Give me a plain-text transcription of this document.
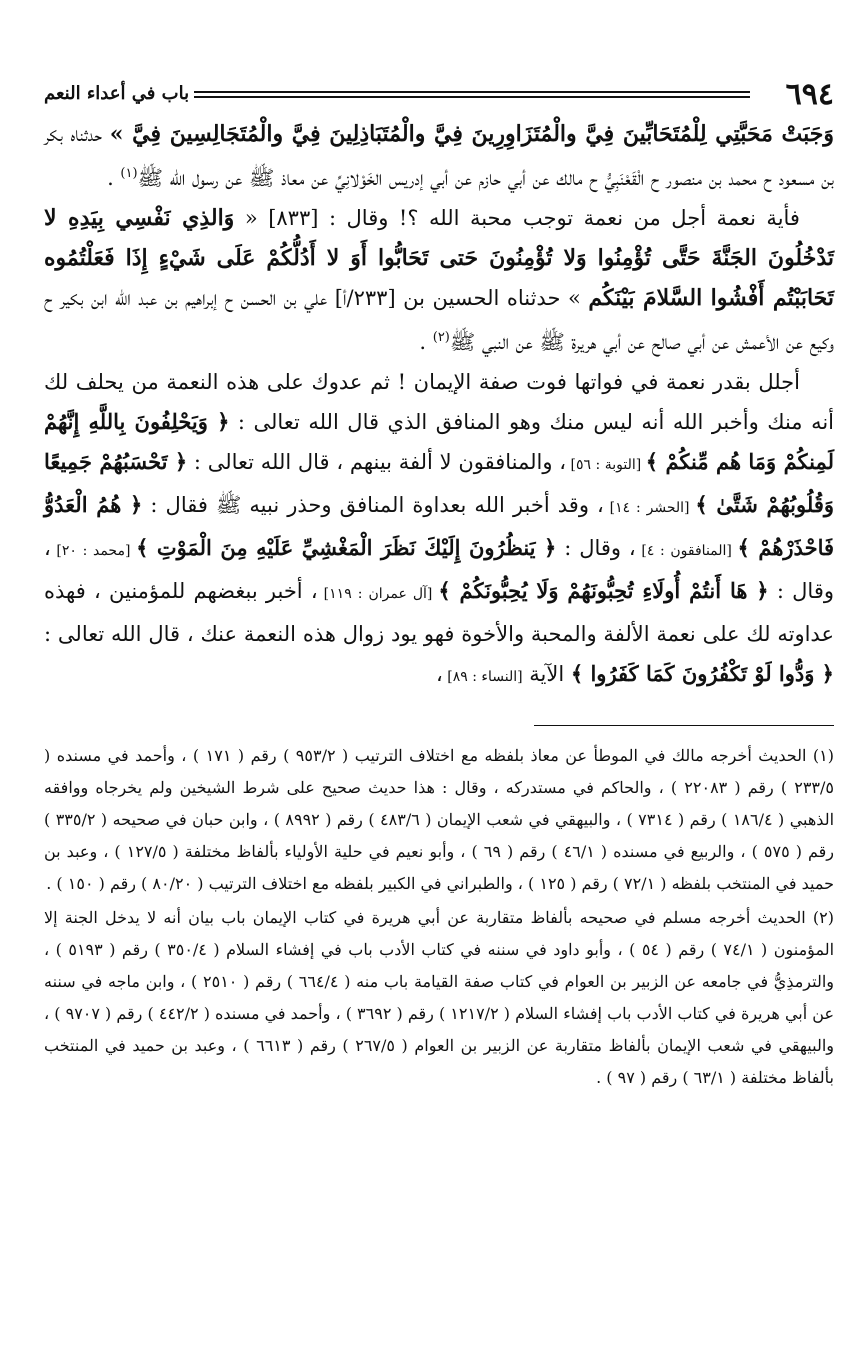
٦٩٤
باب في أعداء النعم

وَجَبَتْ مَحَبَّتِي لِلْمُتَحَابِّينَ فِيَّ والْمُتَزَاوِرِينَ فِيَّ والْمُتَبَاذِلِينَ فِيَّ والْمُتَجَالِسِينَ فِيَّ » حدثناه بكر بن مسعود ح محمد بن منصور ح الْقَعْنَبِيُّ ح مالك عن أبي حازم عن أبي إدريس الخَوْلانِيِّ عن معاذ ﷺ عن رسول الله ﷺ$^{(١)}$ .

فأية نعمة أجل من نعمة توجب محبة الله ؟! وقال : [٨٣٣] « وَالذِي نَفْسِي بِيَدِهِ لا تَدْخُلُونَ الجَنَّةَ حَتَّى تُؤْمِنُوا وَلا تُؤْمِنُونَ حَتى تَحَابُّوا أَوَ لا أَدُلُّكُمْ عَلَى شَيْءٍ إِذَا فَعَلْتُمُوه تَحَابَبْتُم أَفْشُوا السَّلامَ بَيْنَكُم » حدثناه الحسين بن [٢٣٣/أ] علي بن الحسن ح إبراهيم بن عبد الله ابن بكير ح وكيع عن الأعمش عن أبي صالح عن أبي هريرة ﷺ عن النبي ﷺ$^{(٢)}$ .

أجلل بقدر نعمة في فواتها فوت صفة الإيمان ! ثم عدوك على هذه النعمة من يحلف لك أنه منك وأخبر الله أنه ليس منك وهو المنافق الذي قال الله تعالى : ﴿ وَيَحْلِفُونَ بِاللَّهِ إِنَّهُمْ لَمِنكُمْ وَمَا هُم مِّنكُمْ ﴾ [التوبة : ٥٦] ، والمنافقون لا ألفة بينهم ، قال الله تعالى : ﴿ تَحْسَبُهُمْ جَمِيعًا وَقُلُوبُهُمْ شَتَّىٰ ﴾ [الحشر : ١٤] ، وقد أخبر الله بعداوة المنافق وحذر نبيه ﷺ فقال : ﴿ هُمُ الْعَدُوُّ فَاحْذَرْهُمْ ﴾ [المنافقون : ٤] ، وقال : ﴿ يَنظُرُونَ إِلَيْكَ نَظَرَ الْمَغْشِيِّ عَلَيْهِ مِنَ الْمَوْتِ ﴾ [محمد : ٢٠] ، وقال : ﴿ هَا أَنتُمْ أُولَاءِ تُحِبُّونَهُمْ وَلَا يُحِبُّونَكُمْ ﴾ [آل عمران : ١١٩] ، أخبر ببغضهم للمؤمنين ، فهذه عداوته لك على نعمة الألفة والمحبة والأخوة فهو يود زوال هذه النعمة عنك ، قال الله تعالى : ﴿ وَدُّوا لَوْ تَكْفُرُونَ كَمَا كَفَرُوا ﴾ الآية [النساء : ٨٩] ،

(١) الحديث أخرجه مالك في الموطأ عن معاذ بلفظه مع اختلاف الترتيب ( ٩٥٣/٢ ) رقم ( ١٧١ ) ، وأحمد في مسنده ( ٢٣٣/٥ ) رقم ( ٢٢٠٨٣ ) ، والحاكم في مستدركه ، وقال : هذا حديث صحيح على شرط الشيخين ولم يخرجاه ووافقه الذهبي ( ١٨٦/٤ ) رقم ( ٧٣١٤ ) ، والبيهقي في شعب الإيمان ( ٤٨٣/٦ ) رقم ( ٨٩٩٢ ) ، وابن حبان في صحيحه ( ٣٣٥/٢ ) رقم ( ٥٧٥ ) ، والربيع في مسنده ( ٤٦/١ ) رقم ( ٦٩ ) ، وأبو نعيم في حلية الأولياء بألفاظ مختلفة ( ١٢٧/٥ ) ، وعبد بن حميد في المنتخب بلفظه ( ٧٢/١ ) رقم ( ١٢٥ ) ، والطبراني في الكبير بلفظه مع اختلاف الترتيب ( ٨٠/٢٠ ) رقم ( ١٥٠ ) .

(٢) الحديث أخرجه مسلم في صحيحه بألفاظ متقاربة عن أبي هريرة في كتاب الإيمان باب بيان أنه لا يدخل الجنة إلا المؤمنون ( ٧٤/١ ) رقم ( ٥٤ ) ، وأبو داود في سننه في كتاب الأدب باب في إفشاء السلام ( ٣٥٠/٤ ) رقم ( ٥١٩٣ ) ، والترمذِيُّ في جامعه عن الزبير بن العوام في كتاب صفة القيامة باب منه ( ٦٦٤/٤ ) رقم ( ٢٥١٠ ) ، وابن ماجه في سننه عن أبي هريرة في كتاب الأدب باب إفشاء السلام ( ١٢١٧/٢ ) رقم ( ٣٦٩٢ ) ، وأحمد في مسنده ( ٤٤٢/٢ ) رقم ( ٩٧٠٧ ) ، والبيهقي في شعب الإيمان بألفاظ متقاربة عن الزبير بن العوام ( ٢٦٧/٥ ) رقم ( ٦٦١٣ ) ، وعبد بن حميد في المنتخب بألفاظ مختلفة ( ٦٣/١ ) رقم ( ٩٧ ) .
